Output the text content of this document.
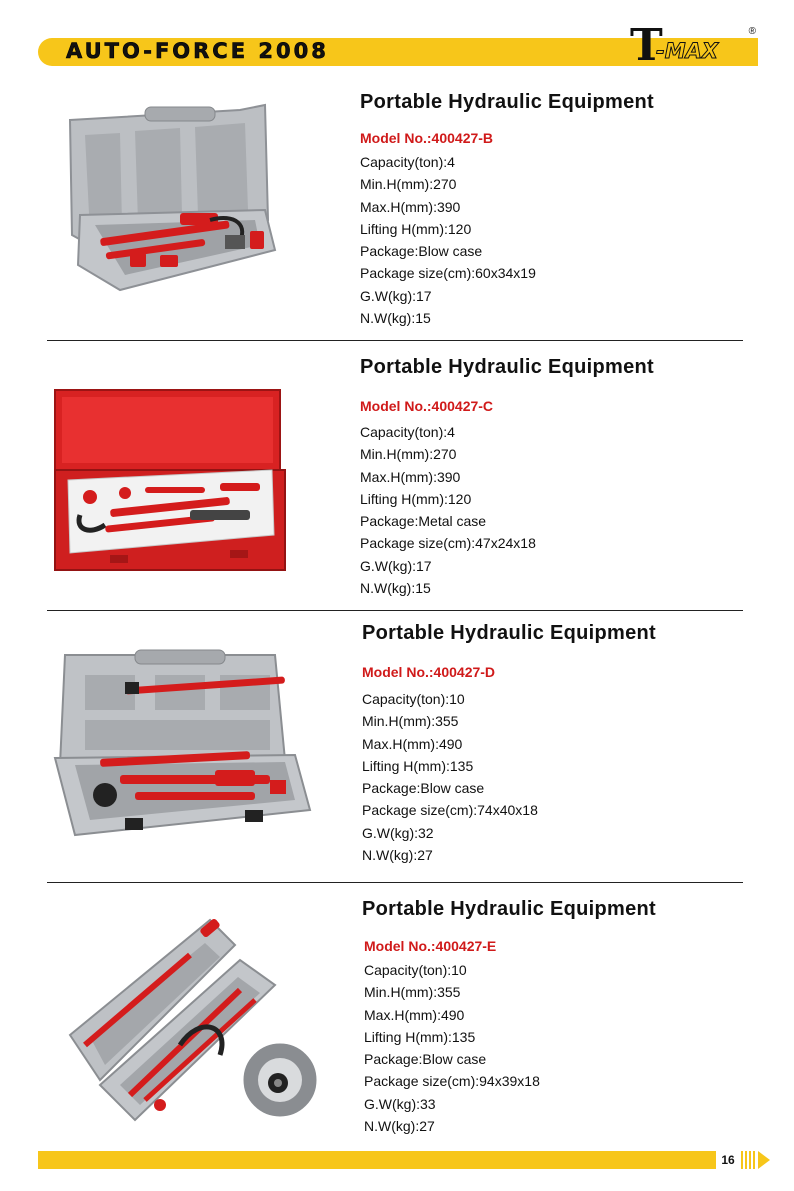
AUTO-FORCE 2008	T
-MAX
®
Portable Hydraulic Equipment
Model No.:400427-B
Capacity(ton):4
Min.H(mm):270
Max.H(mm):390
Lifting H(mm):120
Package:Blow case
Package size(cm):60x34x19
G.W(kg):17
N.W(kg):15
Portable Hydraulic Equipment
Model No.:400427-C
Capacity(ton):4
Min.H(mm):270
Max.H(mm):390
Lifting H(mm):120
Package:Metal case
Package size(cm):47x24x18
G.W(kg):17
N.W(kg):15
Portable Hydraulic Equipment
Model No.:400427-D
Capacity(ton):10
Min.H(mm):355
Max.H(mm):490
Lifting H(mm):135
Package:Blow case
Package size(cm):74x40x18
G.W(kg):32
N.W(kg):27
Portable Hydraulic Equipment
Model No.:400427-E
Capacity(ton):10
Min.H(mm):355
Max.H(mm):490
Lifting H(mm):135
Package:Blow case
Package size(cm):94x39x18
G.W(kg):33
N.W(kg):27
16
